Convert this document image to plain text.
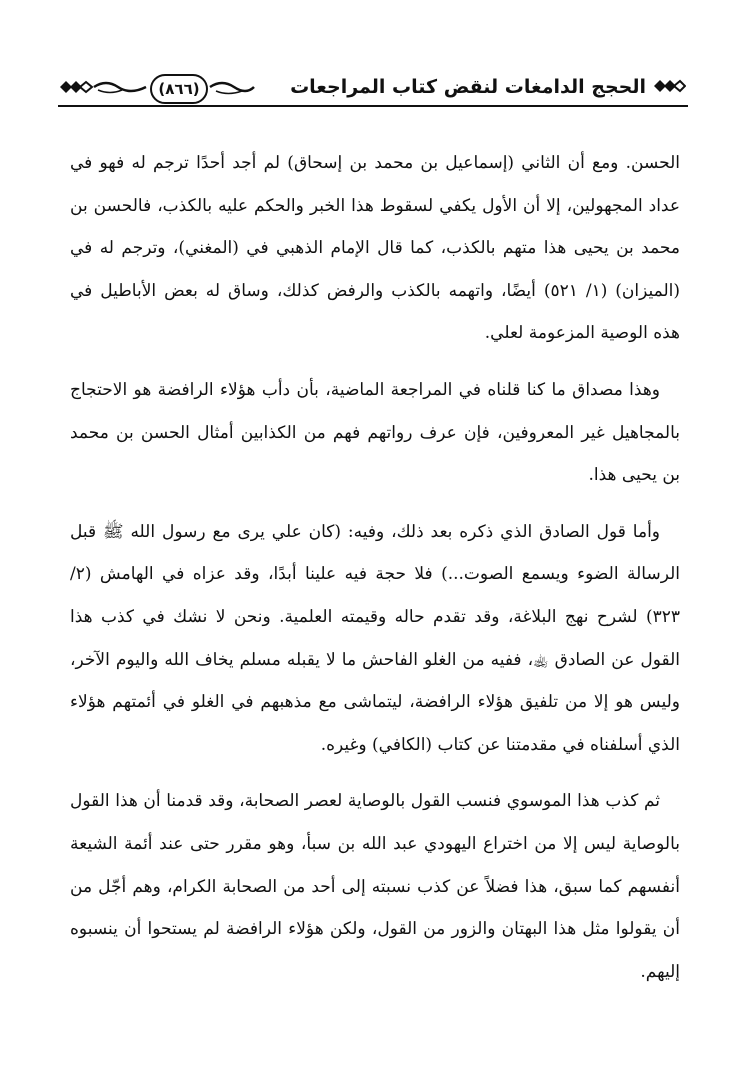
الحجج الدامغات لنقض كتاب المراجعات
(٨٦٦)

الحسن. ومع أن الثاني (إسماعيل بن محمد بن إسحاق) لم أجد أحدًا ترجم له فهو في عداد المجهولين، إلا أن الأول يكفي لسقوط هذا الخبر والحكم عليه بالكذب، فالحسن بن محمد بن يحيى هذا متهم بالكذب، كما قال الإمام الذهبي في (المغني)، وترجم له في (الميزان) (١/ ٥٢١) أيضًا، واتهمه بالكذب والرفض كذلك، وساق له بعض الأباطيل في هذه الوصية المزعومة لعلي.

وهذا مصداق ما كنا قلناه في المراجعة الماضية، بأن دأب هؤلاء الرافضة هو الاحتجاج بالمجاهيل غير المعروفين، فإن عرف رواتهم فهم من الكذابين أمثال الحسن بن محمد بن يحيى هذا.

وأما قول الصادق الذي ذكره بعد ذلك، وفيه: (كان علي يرى مع رسول الله ﷺ قبل الرسالة الضوء ويسمع الصوت...) فلا حجة فيه علينا أبدًا، وقد عزاه في الهامش (٢/ ٣٢٣) لشرح نهج البلاغة، وقد تقدم حاله وقيمته العلمية. ونحن لا نشك في كذب هذا القول عن الصادق ﵀، ففيه من الغلو الفاحش ما لا يقبله مسلم يخاف الله واليوم الآخر، وليس هو إلا من تلفيق هؤلاء الرافضة، ليتماشى مع مذهبهم في الغلو في أئمتهم هؤلاء الذي أسلفناه في مقدمتنا عن كتاب (الكافي) وغيره.

ثم كذب هذا الموسوي فنسب القول بالوصاية لعصر الصحابة، وقد قدمنا أن هذا القول بالوصاية ليس إلا من اختراع اليهودي عبد الله بن سبأ، وهو مقرر حتى عند أئمة الشيعة أنفسهم كما سبق، هذا فضلاً عن كذب نسبته إلى أحد من الصحابة الكرام، وهم أجّل من أن يقولوا مثل هذا البهتان والزور من القول، ولكن هؤلاء الرافضة لم يستحوا أن ينسبوه إليهم.
